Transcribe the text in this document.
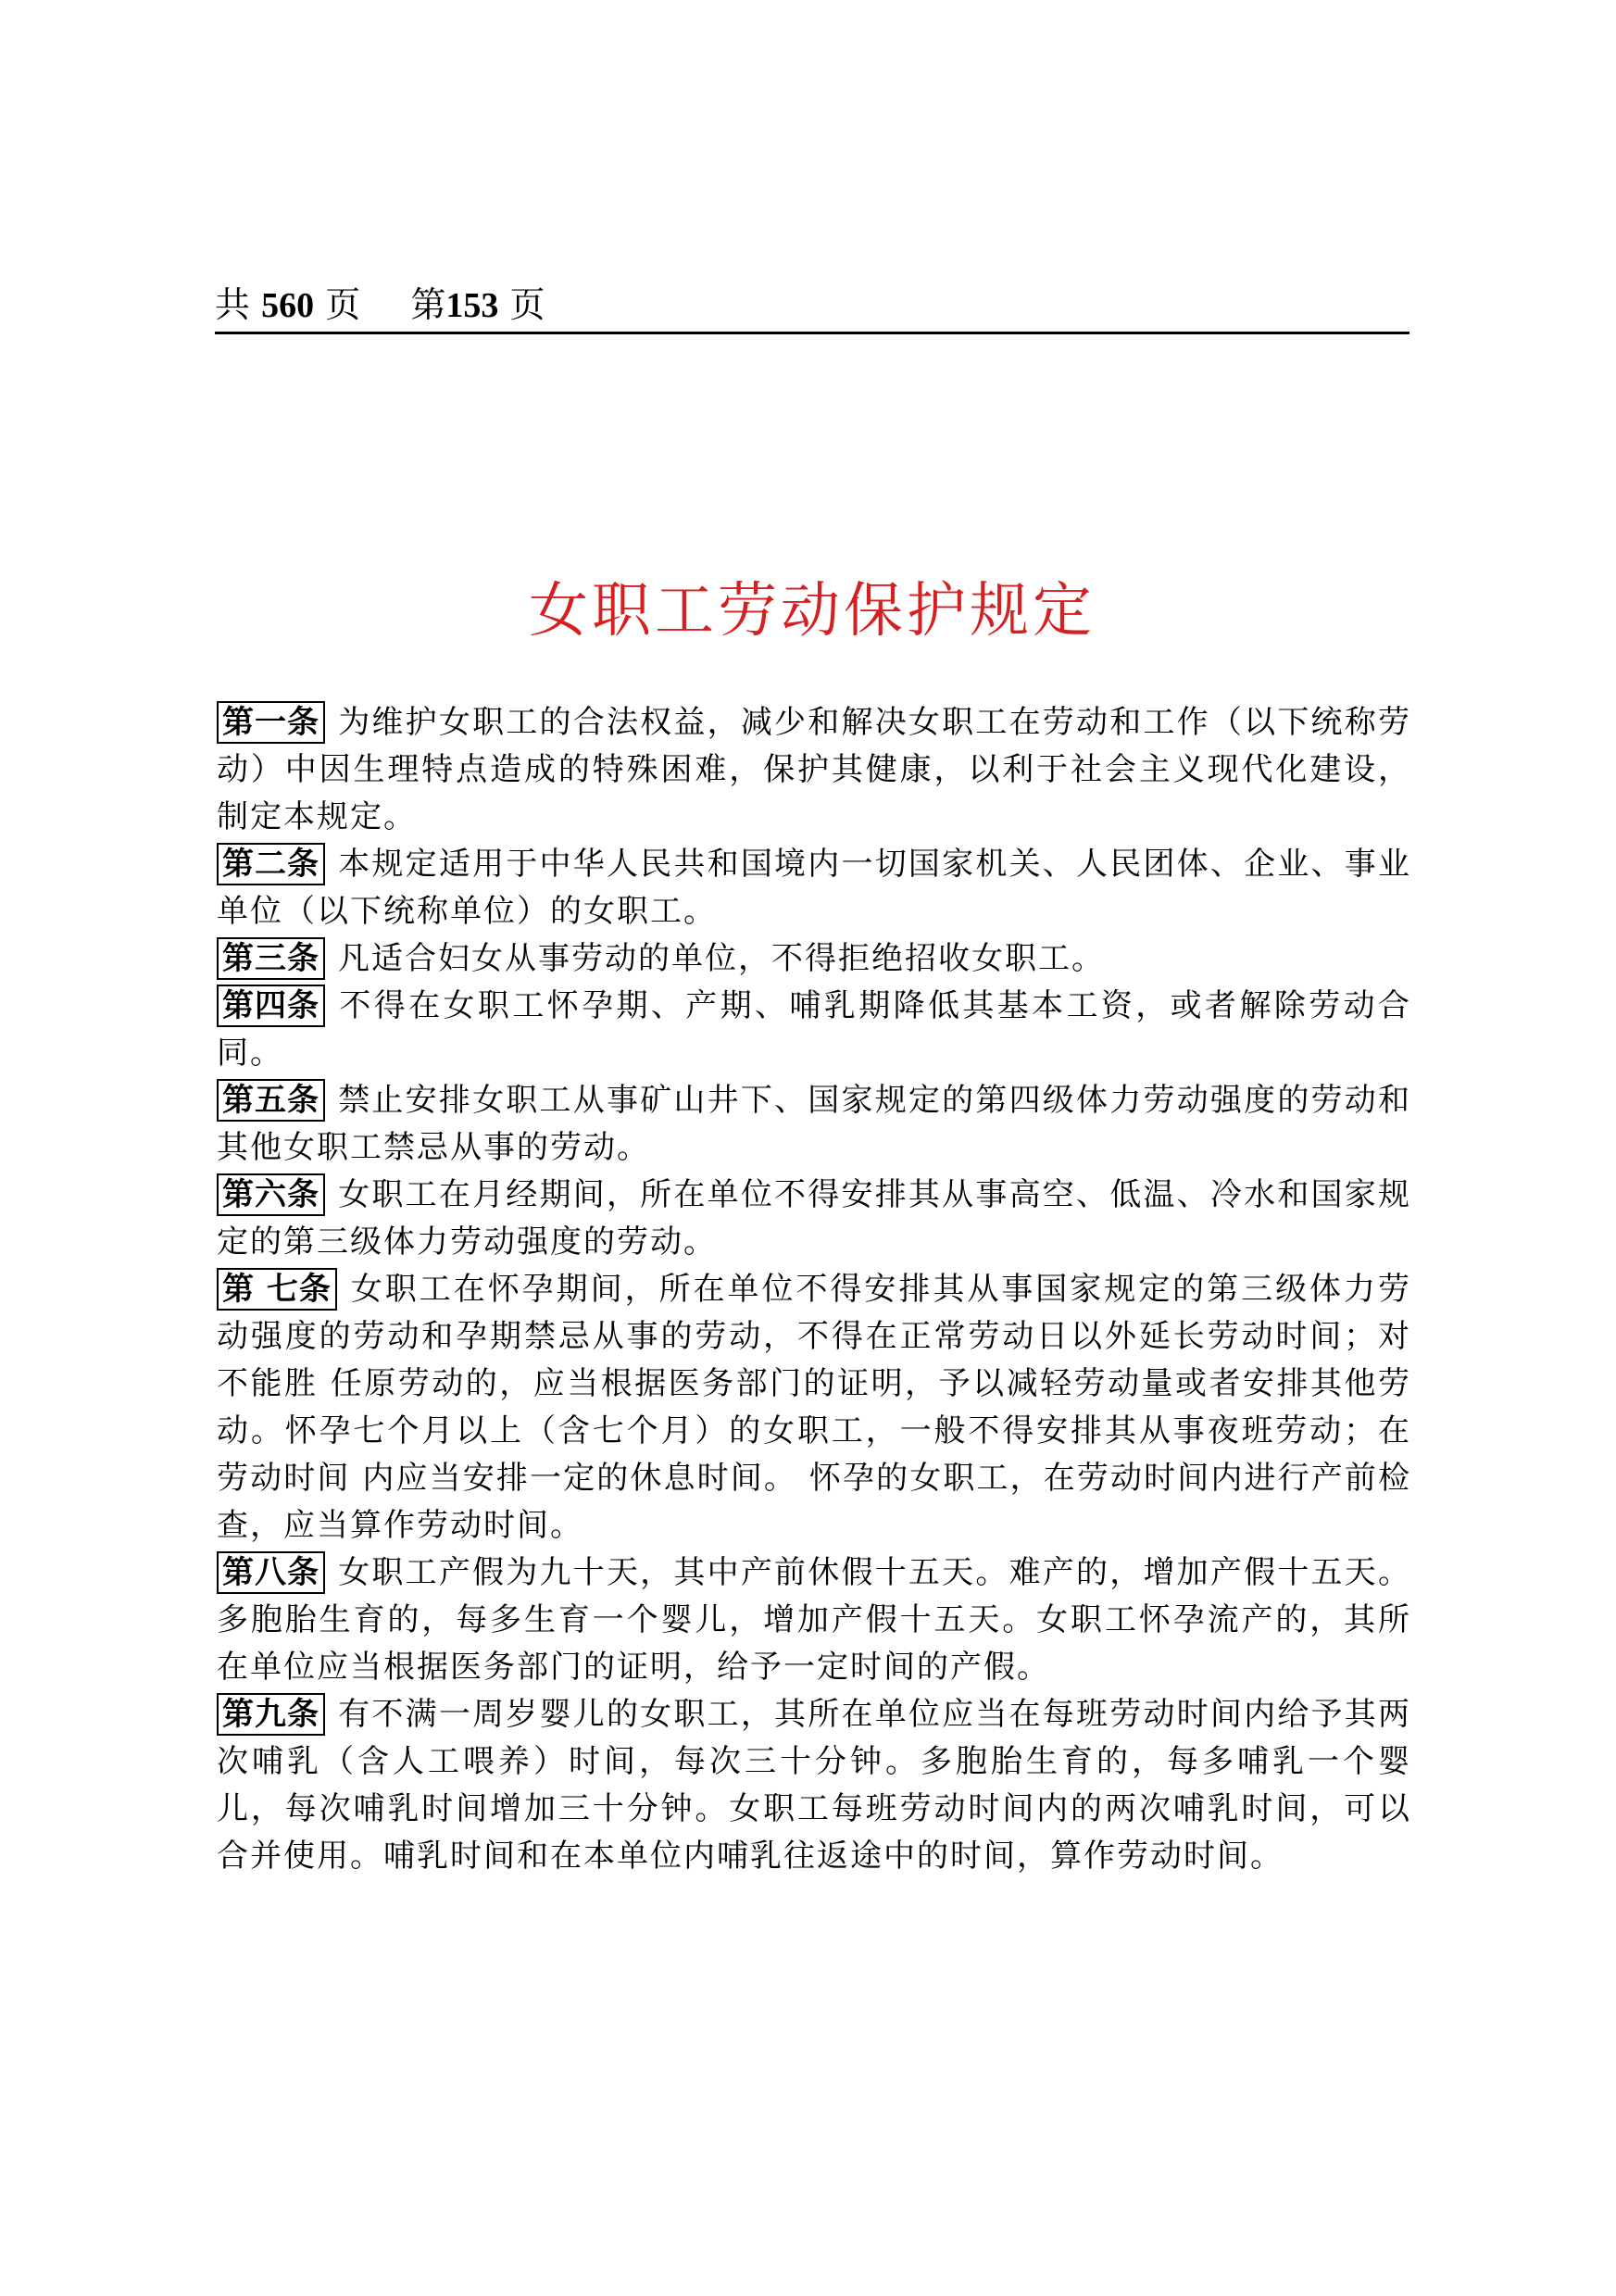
共 560 页 第153 页
女职工劳动保护规定

第一条 为维护女职工的合法权益，减少和解决女职工在劳动和工作（以下统称劳动）中因生理特点造成的特殊困难，保护其健康，以利于社会主义现代化建设，制定本规定。

第二条 本规定适用于中华人民共和国境内一切国家机关、人民团体、企业、事业单位（以下统称单位）的女职工。

第三条 凡适合妇女从事劳动的单位，不得拒绝招收女职工。

第四条 不得在女职工怀孕期、产期、哺乳期降低其基本工资，或者解除劳动合同。

第五条 禁止安排女职工从事矿山井下、国家规定的第四级体力劳动强度的劳动和其他女职工禁忌从事的劳动。

第六条 女职工在月经期间，所在单位不得安排其从事高空、低温、冷水和国家规定的第三级体力劳动强度的劳动。

第 七条 女职工在怀孕期间，所在单位不得安排其从事国家规定的第三级体力劳动强度的劳动和孕期禁忌从事的劳动，不得在正常劳动日以外延长劳动时间；对不能胜 任原劳动的，应当根据医务部门的证明，予以减轻劳动量或者安排其他劳动。怀孕七个月以上（含七个月）的女职工，一般不得安排其从事夜班劳动；在劳动时间 内应当安排一定的休息时间。 怀孕的女职工，在劳动时间内进行产前检查，应当算作劳动时间。

第八条 女职工产假为九十天，其中产前休假十五天。难产的，增加产假十五天。多胞胎生育的，每多生育一个婴儿，增加产假十五天。女职工怀孕流产的，其所在单位应当根据医务部门的证明，给予一定时间的产假。

第九条 有不满一周岁婴儿的女职工，其所在单位应当在每班劳动时间内给予其两次哺乳（含人工喂养）时间，每次三十分钟。多胞胎生育的，每多哺乳一个婴儿，每次哺乳时间增加三十分钟。女职工每班劳动时间内的两次哺乳时间，可以合并使用。哺乳时间和在本单位内哺乳往返途中的时间，算作劳动时间。
